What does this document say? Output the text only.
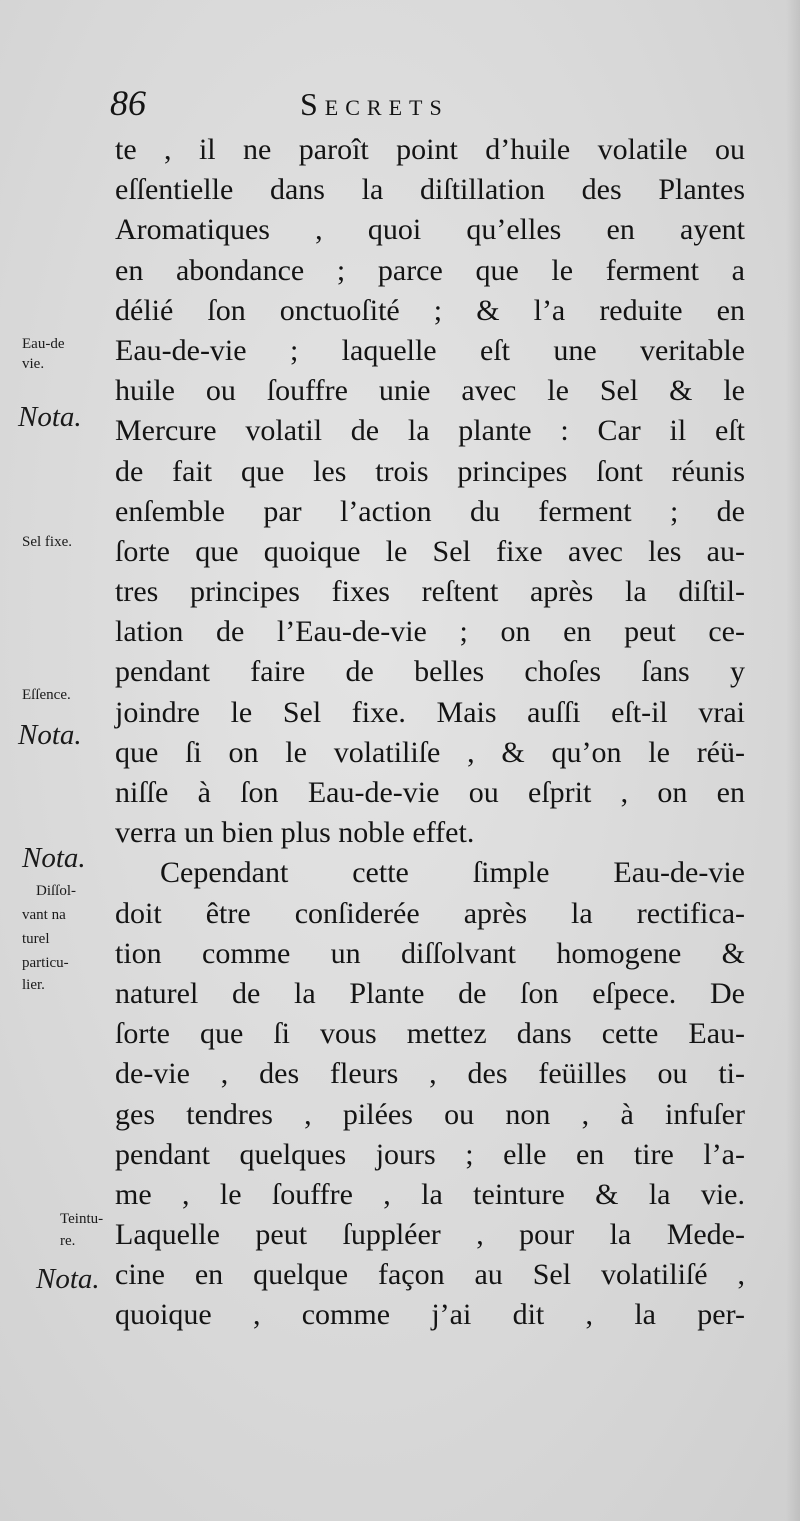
86	Secrets
te , il ne paroît point d’huile volatile ou
eſſentielle dans la diſtillation des Plantes
Aromatiques , quoi qu’elles en ayent
en abondance ; parce que le ferment a
délié ſon onctuoſité ; & l’a reduite en
Eau-de-vie ; laquelle eſt une veritable
huile ou ſouffre unie avec le Sel & le
Mercure volatil de la plante : Car il eſt
de fait que les trois principes ſont réunis
enſemble par l’action du ferment ; de
ſorte que quoique le Sel fixe avec les au-
tres principes fixes reſtent après la diſtil-
lation de l’Eau-de-vie ; on en peut ce-
pendant faire de belles choſes ſans y
joindre le Sel fixe. Mais auſſi eſt-il vrai
que ſi on le volatiliſe , & qu’on le réü-
niſſe à ſon Eau-de-vie ou eſprit , on en
verra un bien plus noble effet.
Cependant cette ſimple Eau-de-vie
doit être conſiderée après la rectifica-
tion comme un diſſolvant homogene &
naturel de la Plante de ſon eſpece. De
ſorte que ſi vous mettez dans cette Eau-
de-vie , des fleurs , des feüilles ou ti-
ges tendres , pilées ou non , à infuſer
pendant quelques jours ; elle en tire l’a-
me , le ſouffre , la teinture & la vie.
Laquelle peut ſuppléer , pour la Mede-
cine en quelque façon au Sel volatiliſé ,
quoique , comme j’ai dit , la per-
Eau-de
vie.
Nota.
Sel fixe.
Eſſence.
Nota.
Nota.
Diſſol-
vant na
turel
particu-
lier.
Teintu-
re.
Nota.
